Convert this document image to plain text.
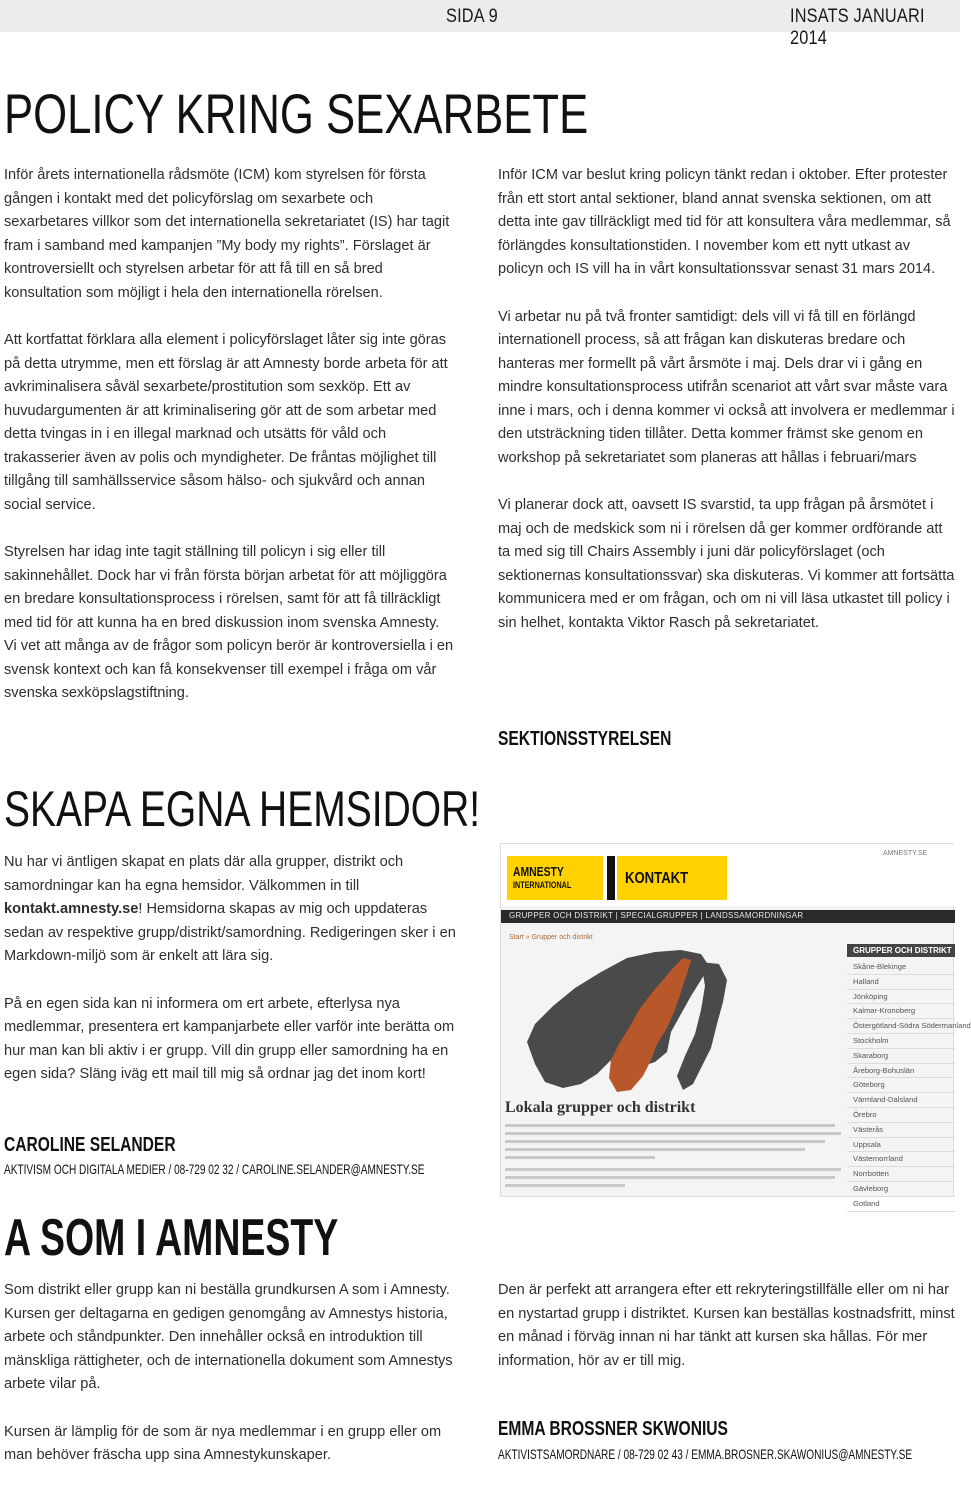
SIDA 9	INSATS JANUARI 2014
POLICY KRING SEXARBETE

Inför årets internationella rådsmöte (ICM) kom styrelsen för första gången i kontakt med det policyförslag om sexarbete och sexarbetares villkor som det internationella sekretariatet (IS) har tagit fram i samband med kampanjen ”My body my rights”. Förslaget är kontroversiellt och styrelsen arbetar för att få till en så bred konsultation som möjligt i hela den internationella rörelsen.

Att kortfattat förklara alla element i policyförslaget låter sig inte göras på detta utrymme, men ett förslag är att Amnesty borde arbeta för att avkriminalisera såväl sexarbete/prostitution som sexköp. Ett av huvudargumenten är att kriminalisering gör att de som arbetar med detta tvingas in i en illegal marknad och utsätts för våld och trakasserier även av polis och myndigheter. De fråntas möjlighet till tillgång till samhällsservice såsom hälso- och sjukvård och annan social service.

Styrelsen har idag inte tagit ställning till policyn i sig eller till sakinnehållet. Dock har vi från första början arbetat för att möjliggöra en bredare konsultationsprocess i rörelsen, samt för att få tillräckligt med tid för att kunna ha en bred diskussion inom svenska Amnesty. Vi vet att många av de frågor som policyn berör är kontroversiella i en svensk kontext och kan få konsekvenser till exempel i fråga om vår svenska sexköpslagstiftning.

Inför ICM var beslut kring policyn tänkt redan i oktober. Efter protester från ett stort antal sektioner, bland annat svenska sektionen, om att detta inte gav tillräckligt med tid för att konsultera våra medlemmar, så förlängdes konsultationstiden. I november kom ett nytt utkast av policyn och IS vill ha in vårt konsultationssvar senast 31 mars 2014.

Vi arbetar nu på två fronter samtidigt: dels vill vi få till en förlängd internationell process, så att frågan kan diskuteras bredare och hanteras mer formellt på vårt årsmöte i maj. Dels drar vi i gång en mindre konsultationsprocess utifrån scenariot att vårt svar måste vara inne i mars, och i denna kommer vi också att involvera er medlemmar i den utsträckning tiden tillåter. Detta kommer främst ske genom en workshop på sekretariatet som planeras att hållas i februari/mars

Vi planerar dock att, oavsett IS svarstid, ta upp frågan på årsmötet i maj och de medskick som ni i rörelsen då ger kommer ordförande att ta med sig till Chairs Assembly i juni där policyförslaget (och sektionernas konsultationssvar) ska diskuteras. Vi kommer att fortsätta kommunicera med er om frågan, och om ni vill läsa utkastet till policy i sin helhet, kontakta Viktor Rasch på sekretariatet.

SEKTIONSSTYRELSEN
SKAPA EGNA HEMSIDOR!

Nu har vi äntligen skapat en plats där alla grupper, distrikt och samordningar kan ha egna hemsidor. Välkommen in till kontakt.amnesty.se! Hemsidorna skapas av mig och uppdateras sedan av respektive grupp/distrikt/samordning. Redigeringen sker i en Markdown-miljö som är enkelt att lära sig.

På en egen sida kan ni informera om ert arbete, efterlysa nya medlemmar, presentera ert kampanjarbete eller varför inte berätta om hur man kan bli aktiv i er grupp. Vill din grupp eller samordning ha en egen sida? Släng iväg ett mail till mig så ordnar jag det inom kort!

CAROLINE SELANDER
AKTIVISM OCH DIGITALA MEDIER / 08-729 02 32 / CAROLINE.SELANDER@AMNESTY.SE
AMNESTY
INTERNATIONAL	KONTAKT
AMNESTY.SE
GRUPPER OCH DISTRIKT | SPECIALGRUPPER | LANDSSAMORDNINGAR
Start » Grupper och distrikt
GRUPPER OCH DISTRIKT
Skåne-Blekinge
Halland
Jönköping
Kalmar-Kronoberg
Östergötland-Södra Södermanland
Stockholm
Skaraborg
Åreborg-Bohuslän
Göteborg
Värmland-Dalsland
Örebro
Västerås
Uppsala
Västernorrland
Norrbotten
Gävleborg
Gotland
Lokala grupper och distrikt
A SOM I AMNESTY

Som distrikt eller grupp kan ni beställa grundkursen A som i Amnesty. Kursen ger deltagarna en gedigen genomgång av Amnestys historia, arbete och ståndpunkter. Den innehåller också en introduktion till mänskliga rättigheter, och de internationella dokument som Amnestys arbete vilar på.

Kursen är lämplig för de som är nya medlemmar i en grupp eller om man behöver fräscha upp sina Amnestykunskaper.

Den är perfekt att arrangera efter ett rekryteringstillfälle eller om ni har en nystartad grupp i distriktet. Kursen kan beställas kostnadsfritt, minst en månad i förväg innan ni har tänkt att kursen ska hållas. För mer information, hör av er till mig.

EMMA BROSSNER SKWONIUS
AKTIVISTSAMORDNARE / 08-729 02 43 / EMMA.BROSNER.SKAWONIUS@AMNESTY.SE
